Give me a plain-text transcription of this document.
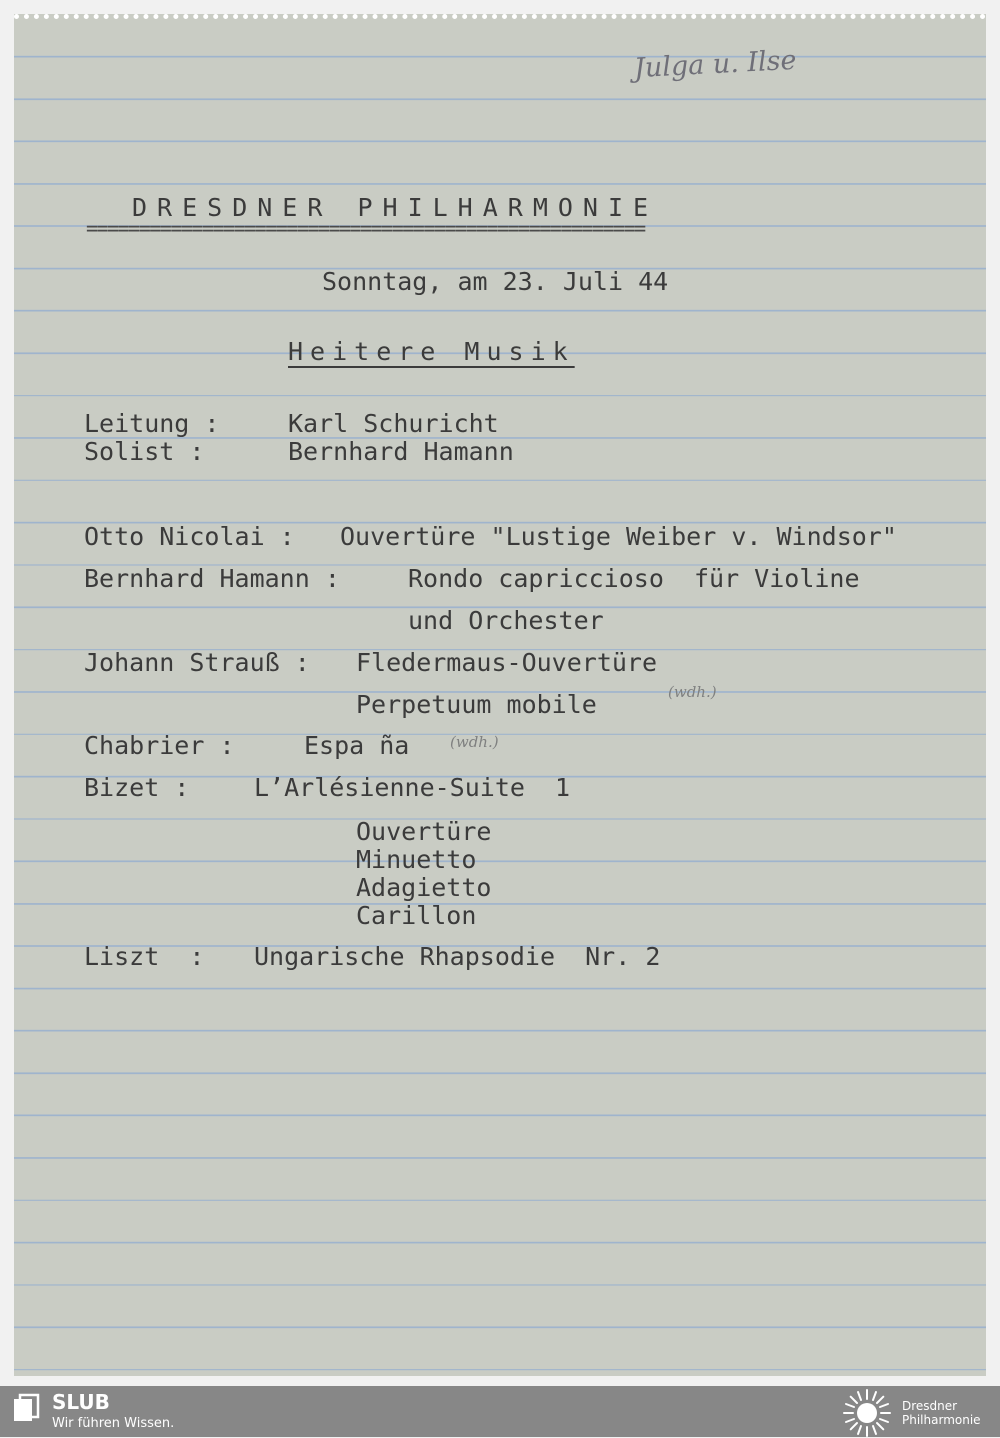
Julga u. Ilse
DRESDNER PHILHARMONIE
=====================================================
Sonntag, am 23. Juli 44
Heitere Musik
Leitung :	Karl Schuricht
Solist :	Bernhard Hamann
Otto Nicolai : Ouvertüre "Lustige Weiber v. Windsor"
Bernhard Hamann :	Rondo capriccioso  für Violine
und Orchester
Johann Strauß : Fledermaus-Ouvertüre
Perpetuum mobile	(wdh.)
Chabrier :	Espa ña	(wdh.)
Bizet :	L’Arlésienne-Suite  1
Ouvertüre
Minuetto
Adagietto
Carillon
Liszt  : Ungarische Rhapsodie  Nr. 2
SLUB
Wir führen Wissen.
Dresdner
Philharmonie
